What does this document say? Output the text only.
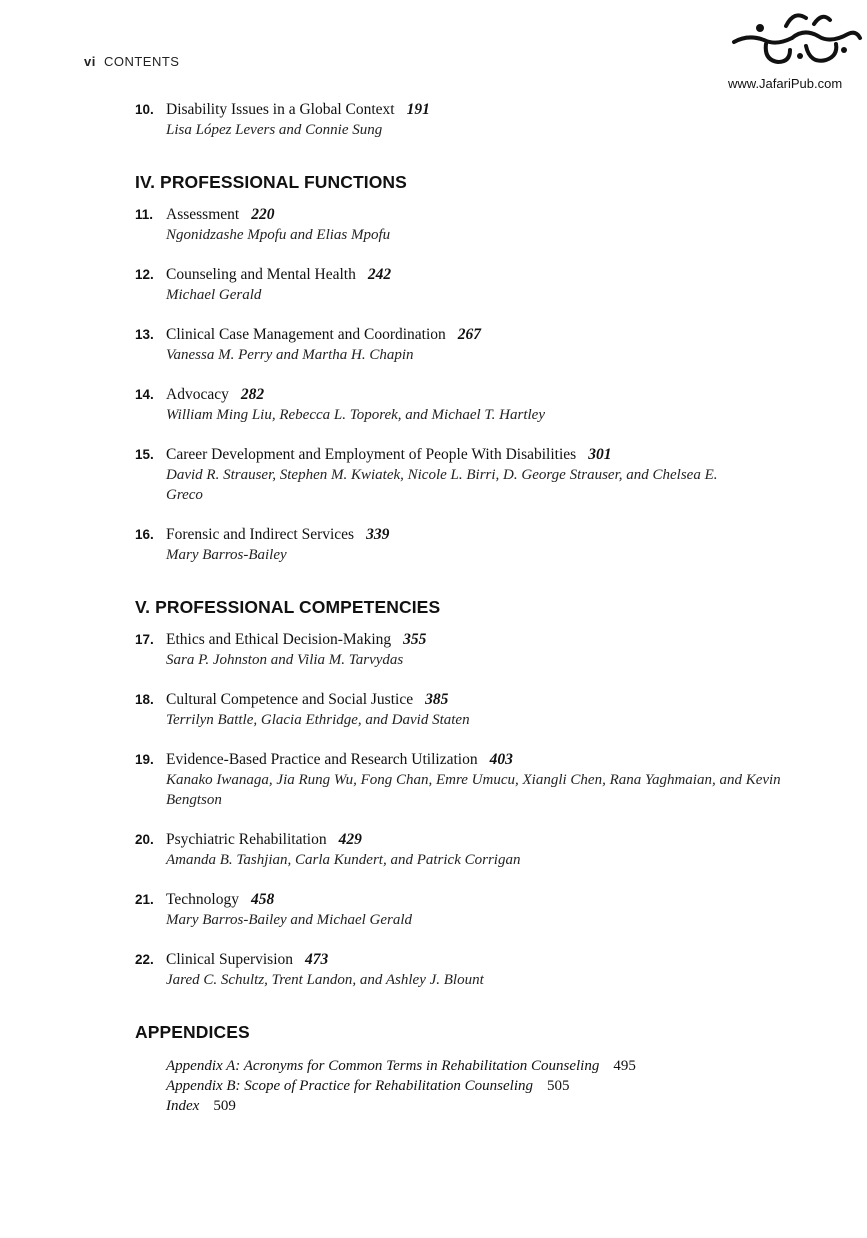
vi CONTENTS
www.JafariPub.com
10. Disability Issues in a Global Context 191
Lisa López Levers and Connie Sung
IV. PROFESSIONAL FUNCTIONS
11. Assessment 220
Ngonidzashe Mpofu and Elias Mpofu
12. Counseling and Mental Health 242
Michael Gerald
13. Clinical Case Management and Coordination 267
Vanessa M. Perry and Martha H. Chapin
14. Advocacy 282
William Ming Liu, Rebecca L. Toporek, and Michael T. Hartley
15. Career Development and Employment of People With Disabilities 301
David R. Strauser, Stephen M. Kwiatek, Nicole L. Birri, D. George Strauser, and Chelsea E. Greco
16. Forensic and Indirect Services 339
Mary Barros-Bailey
V. PROFESSIONAL COMPETENCIES
17. Ethics and Ethical Decision-Making 355
Sara P. Johnston and Vilia M. Tarvydas
18. Cultural Competence and Social Justice 385
Terrilyn Battle, Glacia Ethridge, and David Staten
19. Evidence-Based Practice and Research Utilization 403
Kanako Iwanaga, Jia Rung Wu, Fong Chan, Emre Umucu, Xiangli Chen, Rana Yaghmaian, and Kevin Bengtson
20. Psychiatric Rehabilitation 429
Amanda B. Tashjian, Carla Kundert, and Patrick Corrigan
21. Technology 458
Mary Barros-Bailey and Michael Gerald
22. Clinical Supervision 473
Jared C. Schultz, Trent Landon, and Ashley J. Blount
APPENDICES
Appendix A: Acronyms for Common Terms in Rehabilitation Counseling 495
Appendix B: Scope of Practice for Rehabilitation Counseling 505
Index 509
